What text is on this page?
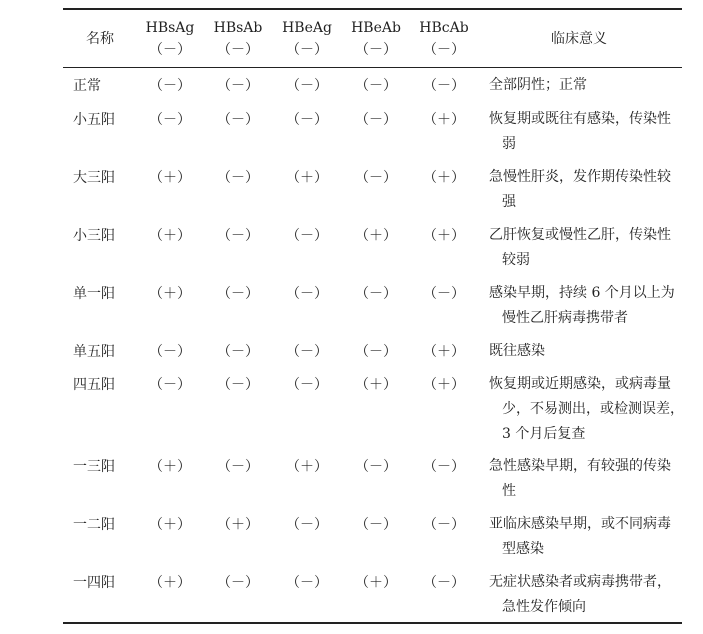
名称
HBsAg
（－）
HBsAb
（－）
HBeAg
（－）
HBeAb
（－）
HBcAb
（－）
临床意义
正常	（－） （－） （－） （－） （－） 全部阴性；正常
小五阳 （－） （－） （－） （－） （＋） 恢复期或既往有感染，传染性弱
大三阳 （＋） （－） （＋） （－） （＋） 急慢性肝炎，发作期传染性较强
小三阳 （＋） （－） （－） （＋） （＋） 乙肝恢复或慢性乙肝，传染性较弱
单一阳 （＋） （－） （－） （－） （－） 感染早期，持续 6 个月以上为慢性乙肝病毒携带者
单五阳 （－） （－） （－） （－） （＋） 既往感染
四五阳 （－） （－） （－） （＋） （＋） 恢复期或近期感染，或病毒量少，不易测出，或检测误差，3 个月后复查
一三阳 （＋） （－） （＋） （－） （－） 急性感染早期，有较强的传染性
一二阳 （＋） （＋） （－） （－） （－） 亚临床感染早期，或不同病毒型感染
一四阳 （＋） （－） （－） （＋） （－） 无症状感染者或病毒携带者，急性发作倾向
